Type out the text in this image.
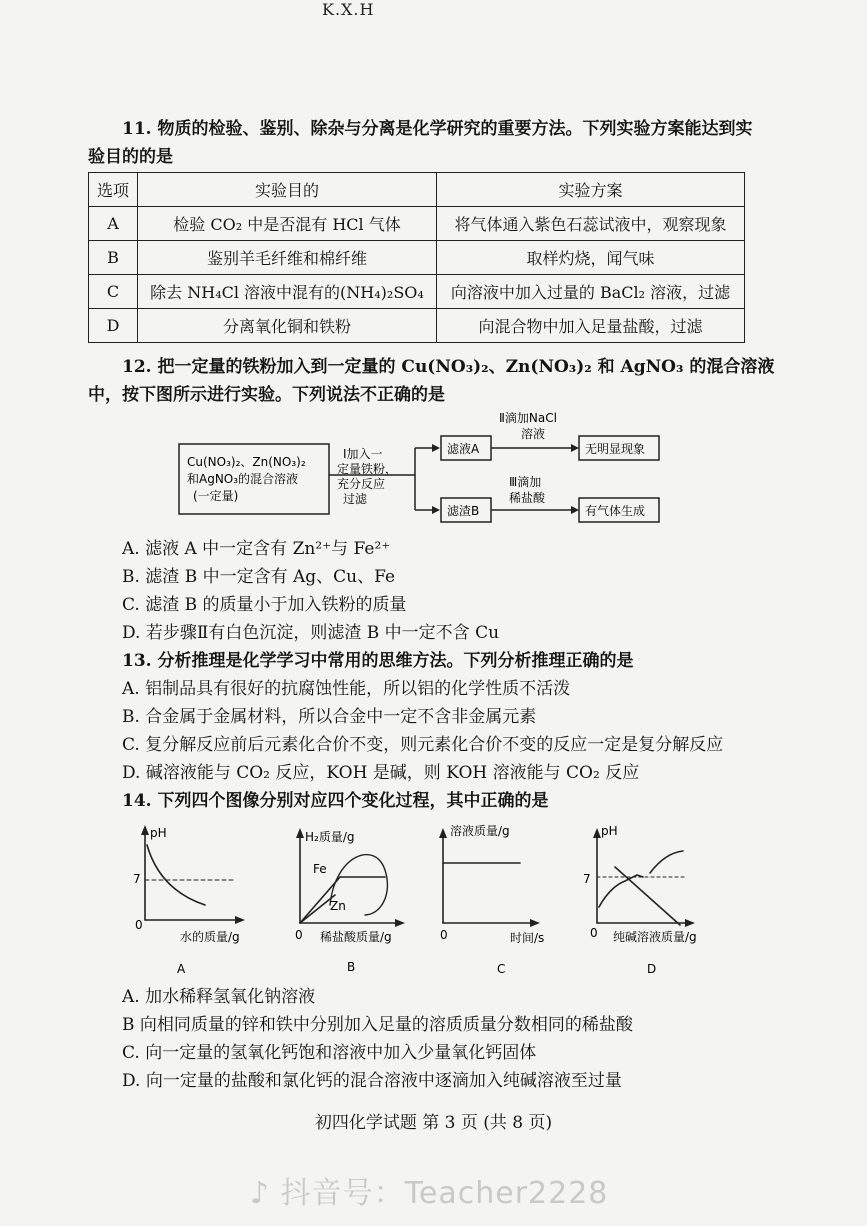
K.X.H
11. 物质的检验、鉴别、除杂与分离是化学研究的重要方法。下列实验方案能达到实
验目的的是
选项	实验目的	实验方案
A	检验 CO₂ 中是否混有 HCl 气体	将气体通入紫色石蕊试液中，观察现象
B	鉴别羊毛纤维和棉纤维	取样灼烧，闻气味
C	除去 NH₄Cl 溶液中混有的(NH₄)₂SO₄	向溶液中加入过量的 BaCl₂ 溶液，过滤
D	分离氧化铜和铁粉	向混合物中加入足量盐酸，过滤
12. 把一定量的铁粉加入到一定量的 Cu(NO₃)₂、Zn(NO₃)₂ 和 AgNO₃ 的混合溶液
中，按下图所示进行实验。下列说法不正确的是
Cu(NO₃)₂、Zn(NO₃)₂
和AgNO₃的混合溶液
(一定量)
Ⅰ加入一
定量铁粉，
充分反应
过滤
滤液A
滤渣B
Ⅱ滴加NaCl
溶液
Ⅲ滴加
稀盐酸
无明显现象
有气体生成
A. 滤液 A 中一定含有 Zn²⁺与 Fe²⁺
B. 滤渣 B 中一定含有 Ag、Cu、Fe
C. 滤渣 B 的质量小于加入铁粉的质量
D. 若步骤Ⅱ有白色沉淀，则滤渣 B 中一定不含 Cu
13. 分析推理是化学学习中常用的思维方法。下列分析推理正确的是
A. 铝制品具有很好的抗腐蚀性能，所以铝的化学性质不活泼
B. 合金属于金属材料，所以合金中一定不含非金属元素
C. 复分解反应前后元素化合价不变，则元素化合价不变的反应一定是复分解反应
D. 碱溶液能与 CO₂ 反应，KOH 是碱，则 KOH 溶液能与 CO₂ 反应
14. 下列四个图像分别对应四个变化过程，其中正确的是
pH
7
0
水的质量/g
A
H₂质量/g
0
Fe
Zn
稀盐酸质量/g
B
溶液质量/g
0	时间/s
C
pH
7
0 纯碱溶液质量/g
D
A. 加水稀释氢氧化钠溶液
B 向相同质量的锌和铁中分别加入足量的溶质质量分数相同的稀盐酸
C. 向一定量的氢氧化钙饱和溶液中加入少量氧化钙固体
D. 向一定量的盐酸和氯化钙的混合溶液中逐滴加入纯碱溶液至过量
初四化学试题 第 3 页 (共 8 页)
♪ 抖音号：Teacher2228
